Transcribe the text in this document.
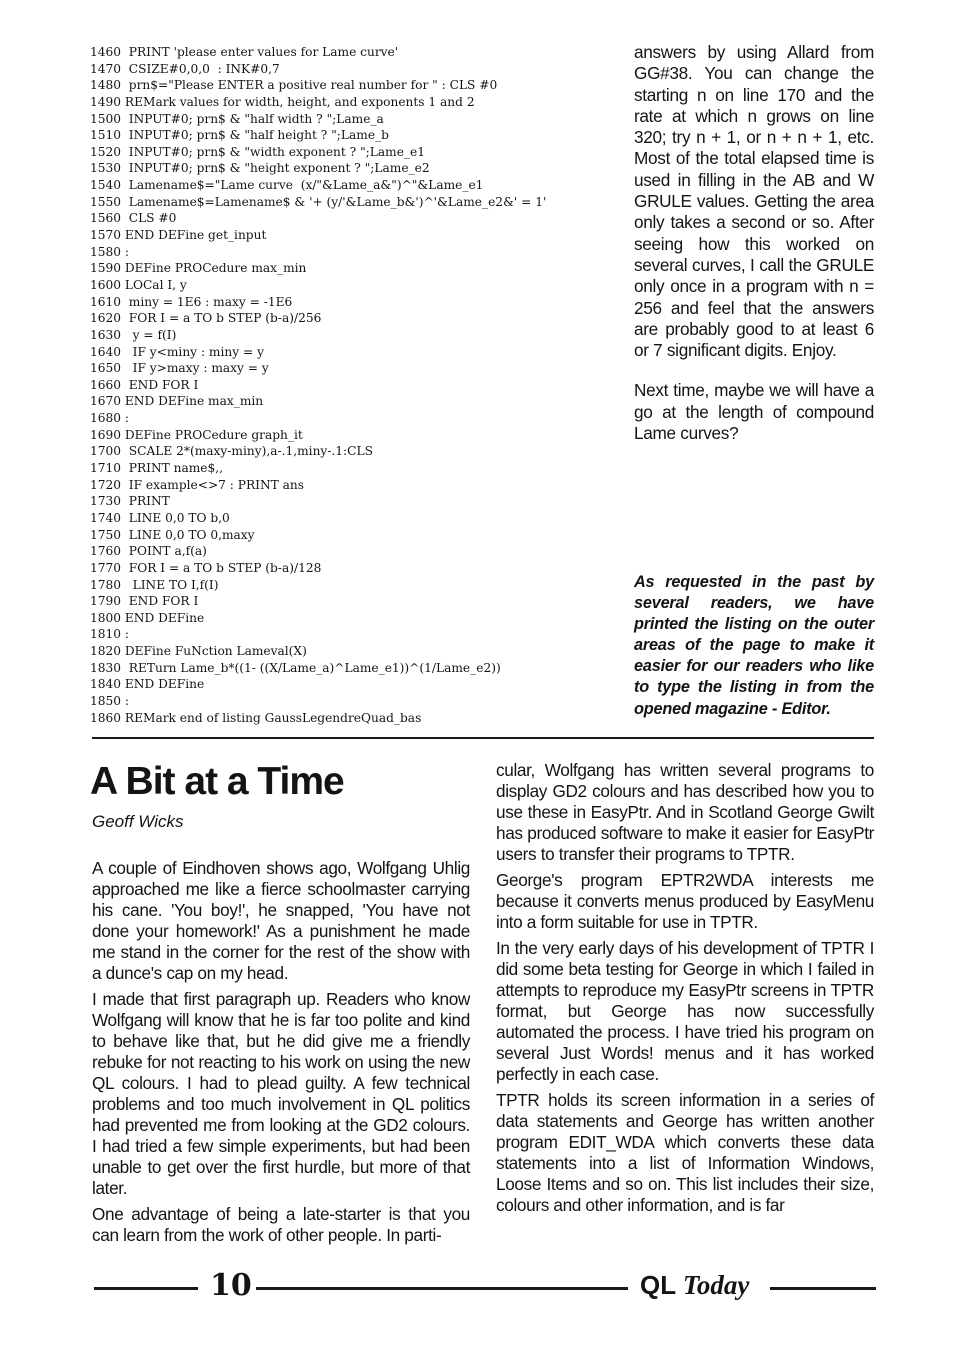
1460  PRINT 'please enter values for Lame curve'
1470  CSIZE#0,0,0  : INK#0,7
1480  prn$="Please ENTER a positive real number for " : CLS #0
1490 REMark values for width, height, and exponents 1 and 2
1500  INPUT#0; prn$ & "half width ? ";Lame_a
1510  INPUT#0; prn$ & "half height ? ";Lame_b
1520  INPUT#0; prn$ & "width exponent ? ";Lame_e1
1530  INPUT#0; prn$ & "height exponent ? ";Lame_e2
1540  Lamename$="Lame curve  (x/"&Lame_a&")^"&Lame_e1
1550  Lamename$=Lamename$ & '+ (y/'&Lame_b&')^'&Lame_e2&' = 1'
1560  CLS #0
1570 END DEFine get_input
1580 :
1590 DEFine PROCedure max_min
1600 LOCal I, y
1610  miny = 1E6 : maxy = -1E6
1620  FOR I = a TO b STEP (b-a)/256
1630   y = f(I)
1640   IF y<miny : miny = y
1650   IF y>maxy : maxy = y
1660  END FOR I
1670 END DEFine max_min
1680 :
1690 DEFine PROCedure graph_it
1700  SCALE 2*(maxy-miny),a-.1,miny-.1:CLS
1710  PRINT name$,,
1720  IF example<>7 : PRINT ans
1730  PRINT
1740  LINE 0,0 TO b,0
1750  LINE 0,0 TO 0,maxy
1760  POINT a,f(a)
1770  FOR I = a TO b STEP (b-a)/128
1780   LINE TO I,f(I)
1790  END FOR I
1800 END DEFine
1810 :
1820 DEFine FuNction Lameval(X)
1830  RETurn Lame_b*((1- ((X/Lame_a)^Lame_e1))^(1/Lame_e2))
1840 END DEFine
1850 :
1860 REMark end of listing GaussLegendreQuad_bas

answers by using Allard from GG#38. You can change the starting n on line 170 and the rate at which n grows on line 320; try n + 1, or n + n + 1, etc. Most of the total elapsed time is used in filling in the AB and W GRULE values. Getting the area only takes a second or so. After seeing how this worked on several curves, I call the GRULE only once in a program with n = 256 and feel that the answers are probably good to at least 6 or 7 significant digits. Enjoy.

Next time, maybe we will have a go at the length of compound Lame curves?

As requested in the past by several readers, we have printed the listing on the outer areas of the page to make it easier for our readers who like to type the listing in from the opened magazine - Editor.

A Bit at a Time

Geoff Wicks

A couple of Eindhoven shows ago, Wolfgang Uhlig approached me like a fierce schoolmaster carrying his cane. 'You boy!', he snapped, 'You have not done your homework!' As a punishment he made me stand in the corner for the rest of the show with a dunce's cap on my head.

I made that first paragraph up. Readers who know Wolfgang will know that he is far too polite and kind to behave like that, but he did give me a friendly rebuke for not reacting to his work on using the new QL colours. I had to plead guilty. A few technical problems and too much involvement in QL politics had prevented me from looking at the GD2 colours. I had tried a few simple experiments, but had been unable to get over the first hurdle, but more of that later.

One advantage of being a late-starter is that you can learn from the work of other people. In parti-

cular, Wolfgang has written several programs to display GD2 colours and has described how you to use these in EasyPtr. And in Scotland George Gwilt has produced software to make it easier for EasyPtr users to transfer their programs to TPTR.

George's program EPTR2WDA interests me because it converts menus produced by EasyMenu into a form suitable for use in TPTR.

In the very early days of his development of TPTR I did some beta testing for George in which I failed in attempts to reproduce my EasyPtr screens in TPTR format, but George has now successfully automated the process. I have tried his program on several Just Words! menus and it has worked perfectly in each case.

TPTR holds its screen information in a series of data statements and George has written another program EDIT_WDA which converts these data statements into a list of Information Windows, Loose Items and so on. This list includes their size, colours and other information, and is far

10	QL Today
